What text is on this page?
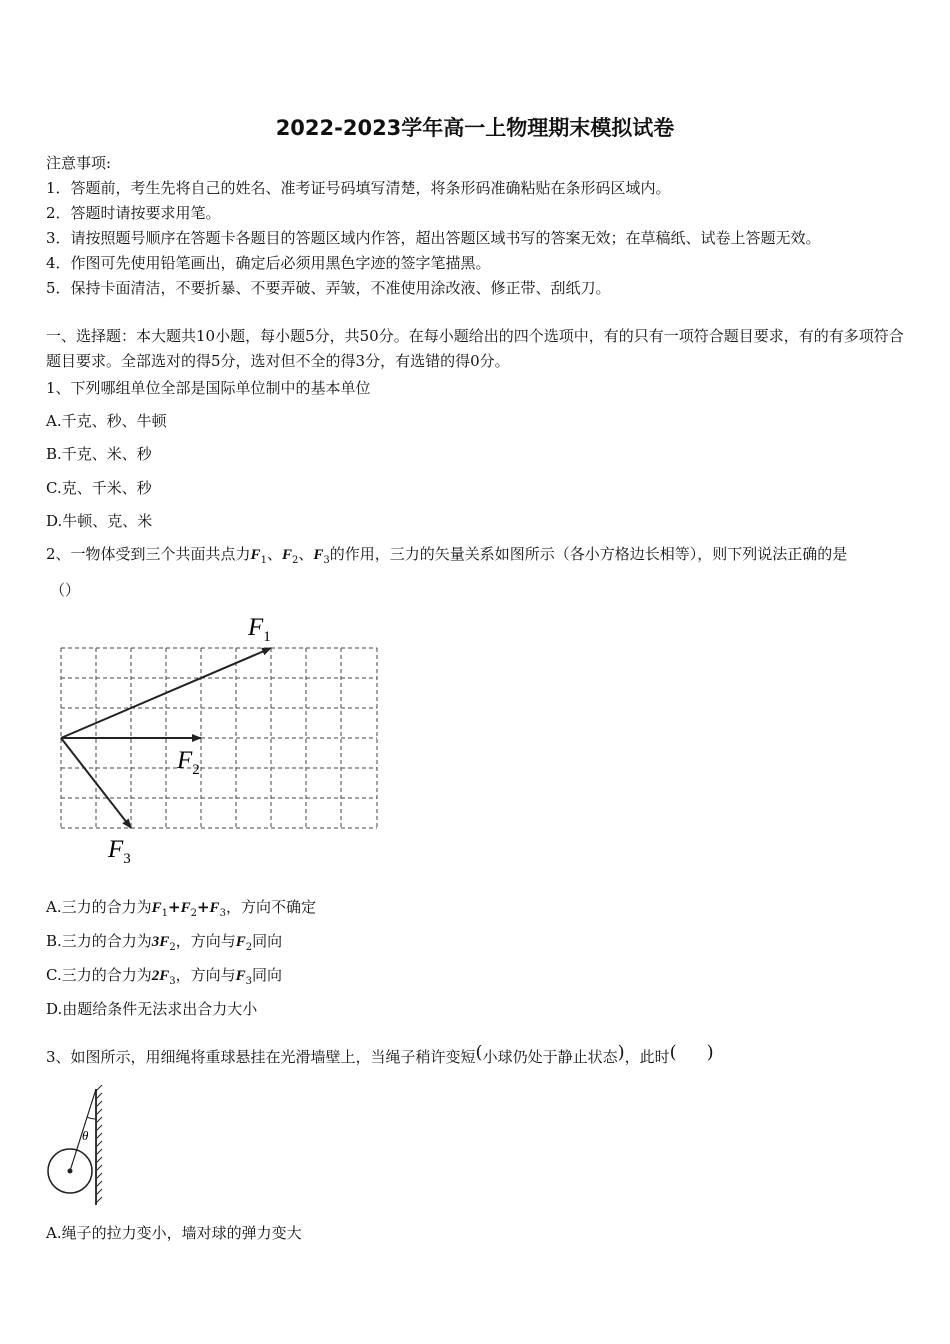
2022-2023学年高一上物理期末模拟试卷
注意事项:
1．答题前，考生先将自己的姓名、准考证号码填写清楚，将条形码准确粘贴在条形码区域内。
2．答题时请按要求用笔。
3．请按照题号顺序在答题卡各题目的答题区域内作答，超出答题区域书写的答案无效；在草稿纸、试卷上答题无效。
4．作图可先使用铅笔画出，确定后必须用黑色字迹的签字笔描黑。
5．保持卡面清洁，不要折暴、不要弄破、弄皱，不准使用涂改液、修正带、刮纸刀。
一、选择题：本大题共10小题，每小题5分，共50分。在每小题给出的四个选项中，有的只有一项符合题目要求，有的有多项符合题目要求。全部选对的得5分，选对但不全的得3分，有选错的得0分。
1、下列哪组单位全部是国际单位制中的基本单位
A.千克、秒、牛顿
B.千克、米、秒
C.克、千米、秒
D.牛顿、克、米
2、一物体受到三个共面共点力$F_1$、$F_2$、$F_3$的作用，三力的矢量关系如图所示（各小方格边长相等），则下列说法正确的是
（）
$F_1$
$F_2$
$F_3$
A.三力的合力为$F_1+F_2+F_3$，方向不确定
B.三力的合力为$3F_2$，方向与$F_2$同向
C.三力的合力为$2F_3$，方向与$F_3$同向
D.由题给条件无法求出合力大小
3、如图所示，用细绳将重球悬挂在光滑墙壁上，当绳子稍许变短(小球仍处于静止状态)，此时( )
θ
A.绳子的拉力变小，墙对球的弹力变大
